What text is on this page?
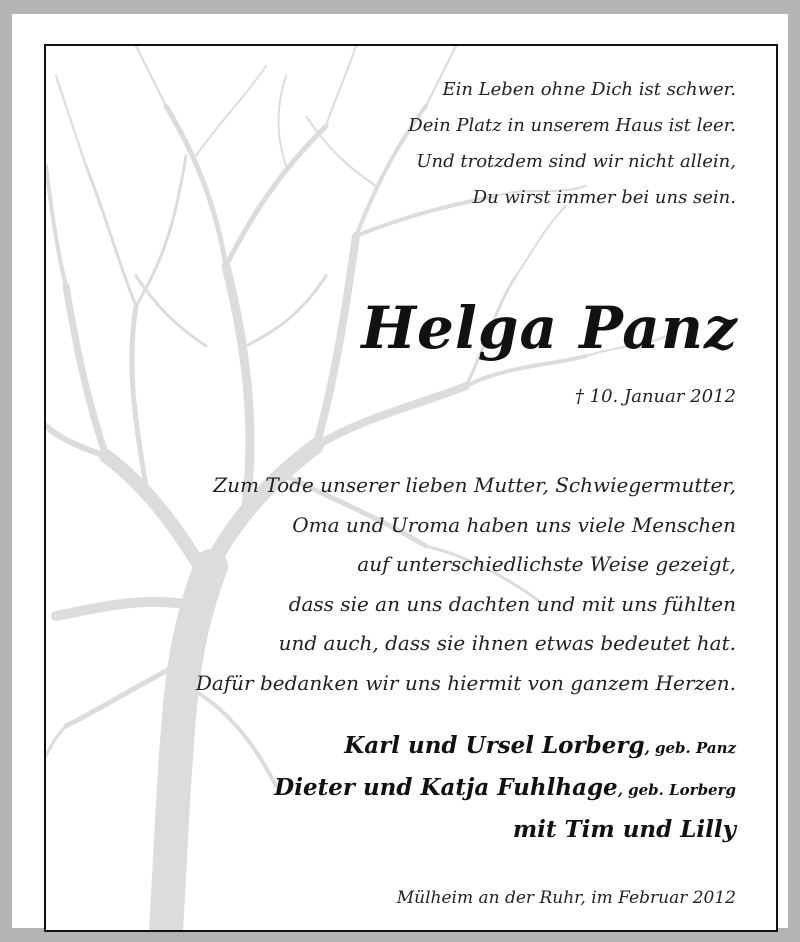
Ein Leben ohne Dich ist schwer.
Dein Platz in unserem Haus ist leer.
Und trotzdem sind wir nicht allein,
Du wirst immer bei uns sein.
Helga Panz
† 10. Januar 2012
Zum Tode unserer lieben Mutter, Schwiegermutter,
Oma und Uroma haben uns viele Menschen
auf unterschiedlichste Weise gezeigt,
dass sie an uns dachten und mit uns fühlten
und auch, dass sie ihnen etwas bedeutet hat.
Dafür bedanken wir uns hiermit von ganzem Herzen.
Karl und Ursel Lorberg, geb. Panz
Dieter und Katja Fuhlhage, geb. Lorberg
mit Tim und Lilly
Mülheim an der Ruhr, im Februar 2012
